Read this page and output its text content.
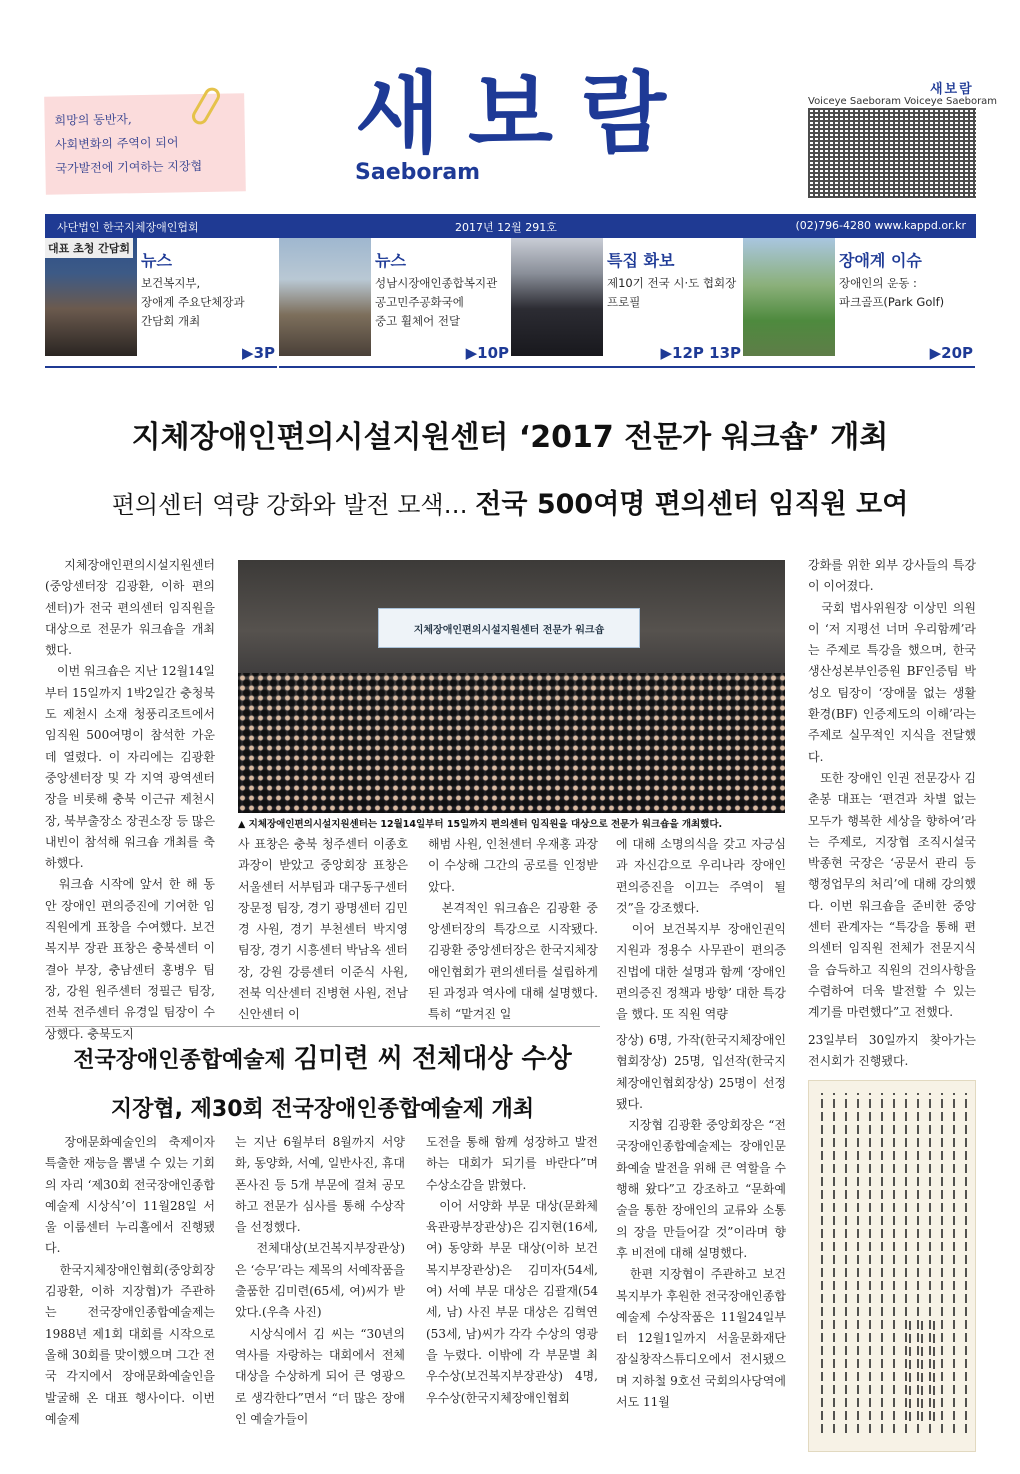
희망의 동반자,
사회변화의 주역이 되어
국가발전에 기여하는 지장협
새보람
Saeboram
새보람
Voiceye Saeboram Voiceye Saeboram
사단법인 한국지체장애인협회	2017년 12월 291호	(02)796-4280 www.kappd.or.kr
대표 초청 간담회
뉴스
보건복지부,
장애계 주요단체장과
간담회 개최
▶3P
뉴스
성남시장애인종합복지관
공고민주공화국에
중고 휠체어 전달
▶10P
특집 화보
제10기 전국 시·도 협회장
프로필
▶12P 13P
장애계 이슈
장애인의 운동 :
파크골프(Park Golf)
▶20P
지체장애인편의시설지원센터 ‘2017 전문가 워크숍’ 개최
편의센터 역량 강화와 발전 모색… 전국 500여명 편의센터 임직원 모여
　지체장애인편의시설지원센터(중앙센터장 김광환, 이하 편의센터)가 전국 편의센터 임직원을 대상으로 전문가 워크숍을 개최했다.
　이번 워크숍은 지난 12월14일부터 15일까지 1박2일간 충청북도 제천시 소재 청풍리조트에서 임직원 500여명이 참석한 가운데 열렸다. 이 자리에는 김광환 중앙센터장 및 각 지역 광역센터장을 비롯해 충북 이근규 제천시장, 북부출장소 장권소장 등 많은 내빈이 참석해 워크숍 개최를 축하했다.
　워크숍 시작에 앞서 한 해 동안 장애인 편의증진에 기여한 임직원에게 표창을 수여했다. 보건복지부 장관 표창은 충북센터 이결아 부장, 충남센터 홍병우 팀장, 강원 원주센터 정필근 팀장, 전북 전주센터 유경일 팀장이 수상했다. 충북도지
지체장애인편의시설지원센터 전문가 워크숍
▲ 지체장애인편의시설지원센터는 12월14일부터 15일까지 편의센터 임직원을 대상으로 전문가 워크숍을 개최했다.
사 표창은 충북 청주센터 이종호 과장이 받았고 중앙회장 표창은 서울센터 서부팀과 대구동구센터 장문정 팀장, 경기 광명센터 김민경 사원, 경기 부천센터 박지영 팀장, 경기 시흥센터 박남옥 센터장, 강원 강릉센터 이준식 사원, 전북 익산센터 진병현 사원, 전남 신안센터 이
해범 사원, 인천센터 우재홍 과장이 수상해 그간의 공로를 인정받았다.
　본격적인 워크숍은 김광환 중앙센터장의 특강으로 시작됐다. 김광환 중앙센터장은 한국지체장애인협회가 편의센터를 설립하게된 과정과 역사에 대해 설명했다. 특히 “맡겨진 일
에 대해 소명의식을 갖고 자긍심과 자신감으로 우리나라 장애인 편의증진을 이끄는 주역이 될 것”을 강조했다.
　이어 보건복지부 장애인권익지원과 정용수 사무관이 편의증진법에 대한 설명과 함께 ‘장애인 편의증진 정책과 방향’ 대한 특강을 했다. 또 직원 역량
강화를 위한 외부 강사들의 특강이 이어졌다.
　국회 법사위원장 이상민 의원이 ‘저 지평선 너머 우리함께’라는 주제로 특강을 했으며, 한국생산성본부인증원 BF인증팀 박성오 팀장이 ‘장애물 없는 생활환경(BF) 인증제도의 이해’라는 주제로 실무적인 지식을 전달했다.
　또한 장애인 인권 전문강사 김춘봉 대표는 ‘편견과 차별 없는 모두가 행복한 세상을 향하여’라는 주제로, 지장협 조직시설국 박종현 국장은 ‘공문서 관리 등 행정업무의 처리’에 대해 강의했다. 이번 워크숍을 준비한 중앙센터 관계자는 “특강을 통해 편의센터 임직원 전체가 전문지식을 습득하고 직원의 건의사항을 수렴하여 더욱 발전할 수 있는 계기를 마련했다”고 전했다.
전국장애인종합예술제 김미련 씨 전체대상 수상
지장협, 제30회 전국장애인종합예술제 개최
　장애문화예술인의 축제이자 특출한 재능을 뽐낼 수 있는 기회의 자리 ‘제30회 전국장애인종합예술제 시상식’이 11월28일 서울 이룸센터 누리홀에서 진행됐다.
　한국지체장애인협회(중앙회장 김광환, 이하 지장협)가 주관하는 전국장애인종합예술제는 1988년 제1회 대회를 시작으로 올해 30회를 맞이했으며 그간 전국 각지에서 장애문화예술인을 발굴해 온 대표 행사이다. 이번 예술제
는 지난 6월부터 8월까지 서양화, 동양화, 서예, 일반사진, 휴대폰사진 등 5개 부문에 걸쳐 공모하고 전문가 심사를 통해 수상작을 선정했다.
　전체대상(보건복지부장관상)은 ‘승무’라는 제목의 서예작품을 출품한 김미련(65세, 여)씨가 받았다.(우측 사진)
　시상식에서 김 씨는 “30년의 역사를 자랑하는 대회에서 전체 대상을 수상하게 되어 큰 영광으로 생각한다”면서 “더 많은 장애인 예술가들이
도전을 통해 함께 성장하고 발전하는 대회가 되기를 바란다”며 수상소감을 밝혔다.
　이어 서양화 부문 대상(문화체육관광부장관상)은 김지현(16세, 여) 동양화 부문 대상(이하 보건복지부장관상)은 김미자(54세, 여) 서예 부문 대상은 김괄재(54세, 남) 사진 부문 대상은 김혁연(53세, 남)씨가 각각 수상의 영광을 누렸다. 이밖에 각 부문별 최우수상(보건복지부장관상) 4명, 우수상(한국지체장애인협회
장상) 6명, 가작(한국지체장애인협회장상) 25명, 입선작(한국지체장애인협회장상) 25명이 선정됐다.
　지장협 김광환 중앙회장은 “전국장애인종합예술제는 장애인문화예술 발전을 위해 큰 역할을 수행해 왔다”고 강조하고 “문화예술을 통한 장애인의 교류와 소통의 장을 만들어갈 것”이라며 향후 비전에 대해 설명했다.
　한편 지장협이 주관하고 보건복지부가 후원한 전국장애인종합예술제 수상작품은 11월24일부터 12월1일까지 서울문화재단 잠실창작스튜디오에서 전시됐으며 지하철 9호선 국회의사당역에서도 11월
23일부터 30일까지 찾아가는 전시회가 진행됐다.
